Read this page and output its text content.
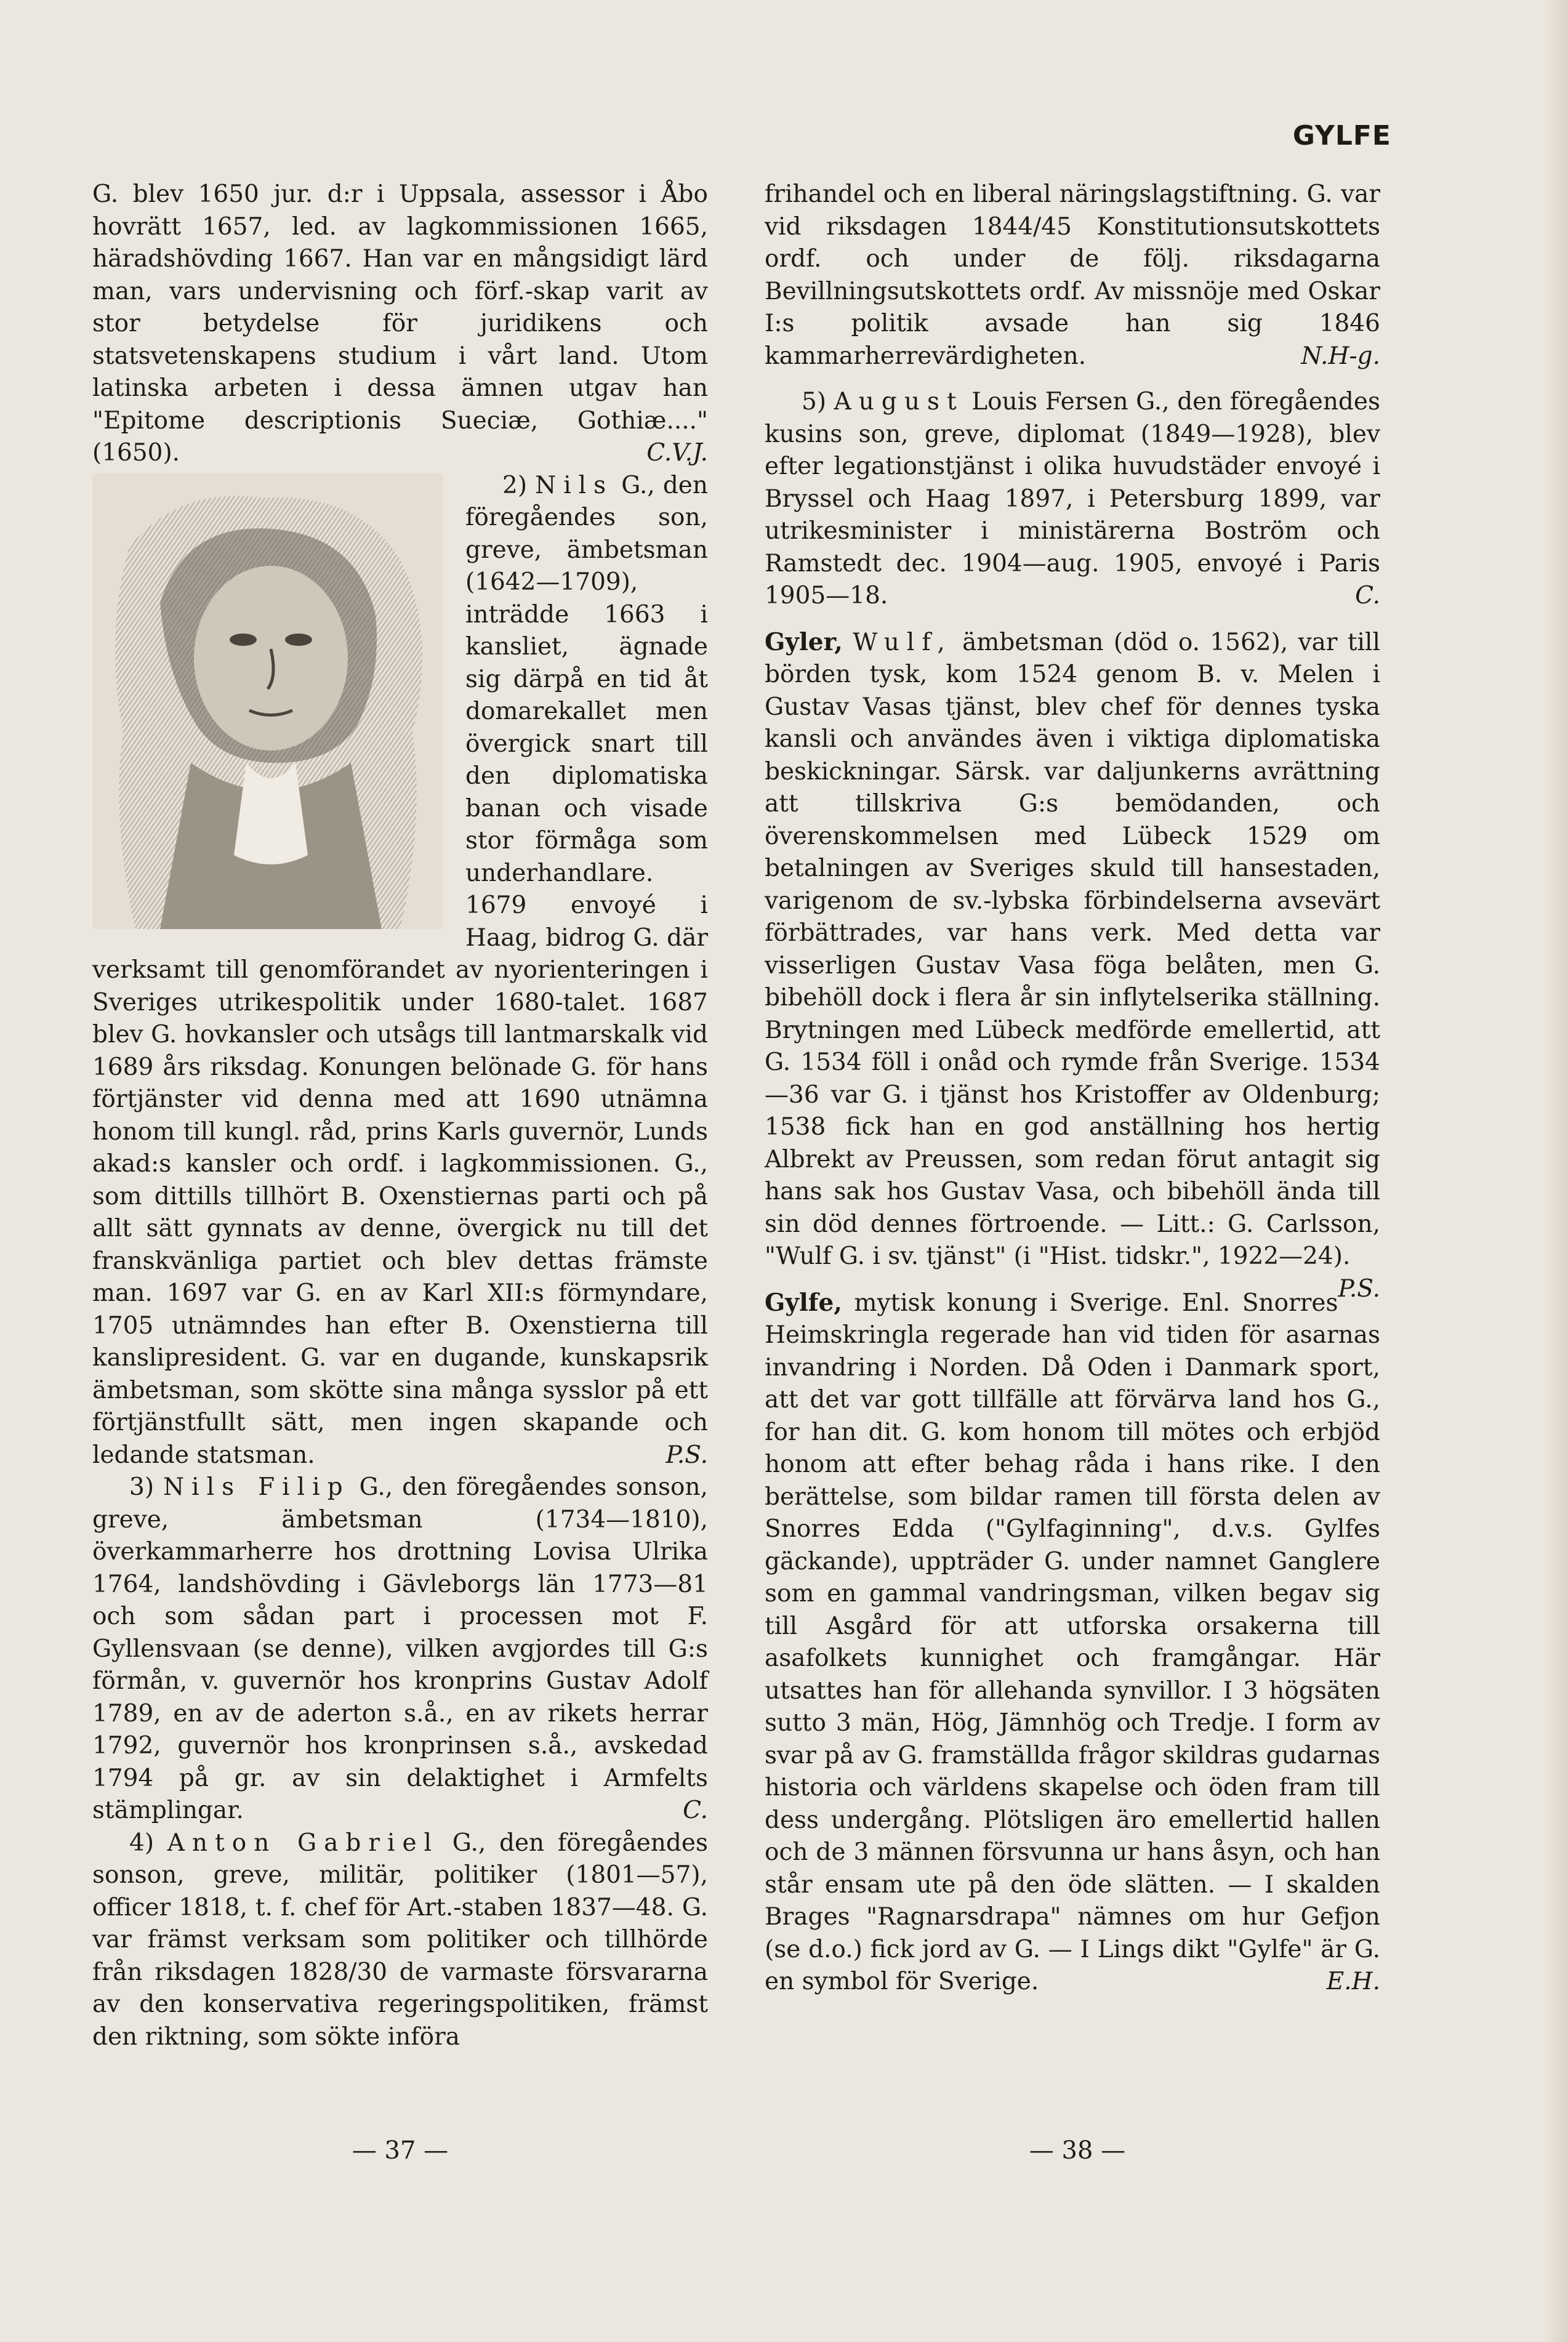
GYLFE

G. blev 1650 jur. d:r i Uppsala, assessor i Åbo hovrätt 1657, led. av lagkommissionen 1665, häradshövding 1667. Han var en mångsidigt lärd man, vars undervisning och förf.-skap varit av stor betydelse för juridikens och statsvetenskapens studium i vårt land. Utom latinska arbeten i dessa ämnen utgav han "Epitome descriptionis Sueciæ, Gothiæ...." (1650).	C.V.J.

2) Nils G., den föregåendes son, greve, ämbetsman (1642—1709), inträdde 1663 i kansliet, ägnade sig därpå en tid åt domarekallet men övergick snart till den diplomatiska banan och visade stor förmåga som underhandlare. 1679 envoyé i Haag, bidrog G. där verksamt till genomförandet av nyorienteringen i Sveriges utrikespolitik under 1680-talet. 1687 blev G. hovkansler och utsågs till lantmarskalk vid 1689 års riksdag. Konungen belönade G. för hans förtjänster vid denna med att 1690 utnämna honom till kungl. råd, prins Karls guvernör, Lunds akad:s kansler och ordf. i lagkommissionen. G., som dittills tillhört B. Oxenstiernas parti och på allt sätt gynnats av denne, övergick nu till det franskvänliga partiet och blev dettas främste man. 1697 var G. en av Karl XII:s förmyndare, 1705 utnämndes han efter B. Oxenstierna till kanslipresident. G. var en dugande, kunskapsrik ämbetsman, som skötte sina många sysslor på ett förtjänstfullt sätt, men ingen skapande och ledande statsman.	P.S.

3) Nils Filip G., den föregåendes sonson, greve, ämbetsman (1734—1810), överkammarherre hos drottning Lovisa Ulrika 1764, landshövding i Gävleborgs län 1773—81 och som sådan part i processen mot F. Gyllensvaan (se denne), vilken avgjordes till G:s förmån, v. guvernör hos kronprins Gustav Adolf 1789, en av de aderton s.å., en av rikets herrar 1792, guvernör hos kronprinsen s.å., avskedad 1794 på gr. av sin delaktighet i Armfelts stämplingar.	C.

4) Anton Gabriel G., den föregåendes sonson, greve, militär, politiker (1801—57), officer 1818, t. f. chef för Art.-staben 1837—48. G. var främst verksam som politiker och tillhörde från riksdagen 1828/30 de varmaste försvararna av den konservativa regeringspolitiken, främst den riktning, som sökte införa

frihandel och en liberal näringslagstiftning. G. var vid riksdagen 1844/45 Konstitutionsutskottets ordf. och under de följ. riksdagarna Bevillningsutskottets ordf. Av missnöje med Oskar I:s politik avsade han sig 1846 kammarherrevärdigheten.	N.H-g.

5) August Louis Fersen G., den föregåendes kusins son, greve, diplomat (1849—1928), blev efter legationstjänst i olika huvudstäder envoyé i Bryssel och Haag 1897, i Petersburg 1899, var utrikesminister i ministärerna Boström och Ramstedt dec. 1904—aug. 1905, envoyé i Paris 1905—18.	C.

Gyler, Wulf, ämbetsman (död o. 1562), var till börden tysk, kom 1524 genom B. v. Melen i Gustav Vasas tjänst, blev chef för dennes tyska kansli och användes även i viktiga diplomatiska beskickningar. Särsk. var daljunkerns avrättning att tillskriva G:s bemödanden, och överenskommelsen med Lübeck 1529 om betalningen av Sveriges skuld till hansestaden, varigenom de sv.-lybska förbindelserna avsevärt förbättrades, var hans verk. Med detta var visserligen Gustav Vasa föga belåten, men G. bibehöll dock i flera år sin inflytelserika ställning. Brytningen med Lübeck medförde emellertid, att G. 1534 föll i onåd och rymde från Sverige. 1534—36 var G. i tjänst hos Kristoffer av Oldenburg; 1538 fick han en god anställning hos hertig Albrekt av Preussen, som redan förut antagit sig hans sak hos Gustav Vasa, och bibehöll ända till sin död dennes förtroende. — Litt.: G. Carlsson, "Wulf G. i sv. tjänst" (i "Hist. tidskr.", 1922—24).
P.S.

Gylfe, mytisk konung i Sverige. Enl. Snorres Heimskringla regerade han vid tiden för asarnas invandring i Norden. Då Oden i Danmark sport, att det var gott tillfälle att förvärva land hos G., for han dit. G. kom honom till mötes och erbjöd honom att efter behag råda i hans rike. I den berättelse, som bildar ramen till första delen av Snorres Edda ("Gylfaginning", d.v.s. Gylfes gäckande), uppträder G. under namnet Ganglere som en gammal vandringsman, vilken begav sig till Asgård för att utforska orsakerna till asafolkets kunnighet och framgångar. Här utsattes han för allehanda synvillor. I 3 högsäten sutto 3 män, Hög, Jämnhög och Tredje. I form av svar på av G. framställda frågor skildras gudarnas historia och världens skapelse och öden fram till dess undergång. Plötsligen äro emellertid hallen och de 3 männen försvunna ur hans åsyn, och han står ensam ute på den öde slätten. — I skalden Brages "Ragnarsdrapa" nämnes om hur Gefjon (se d.o.) fick jord av G. — I Lings dikt "Gylfe" är G. en symbol för Sverige.	E.H.

— 37 —	— 38 —
